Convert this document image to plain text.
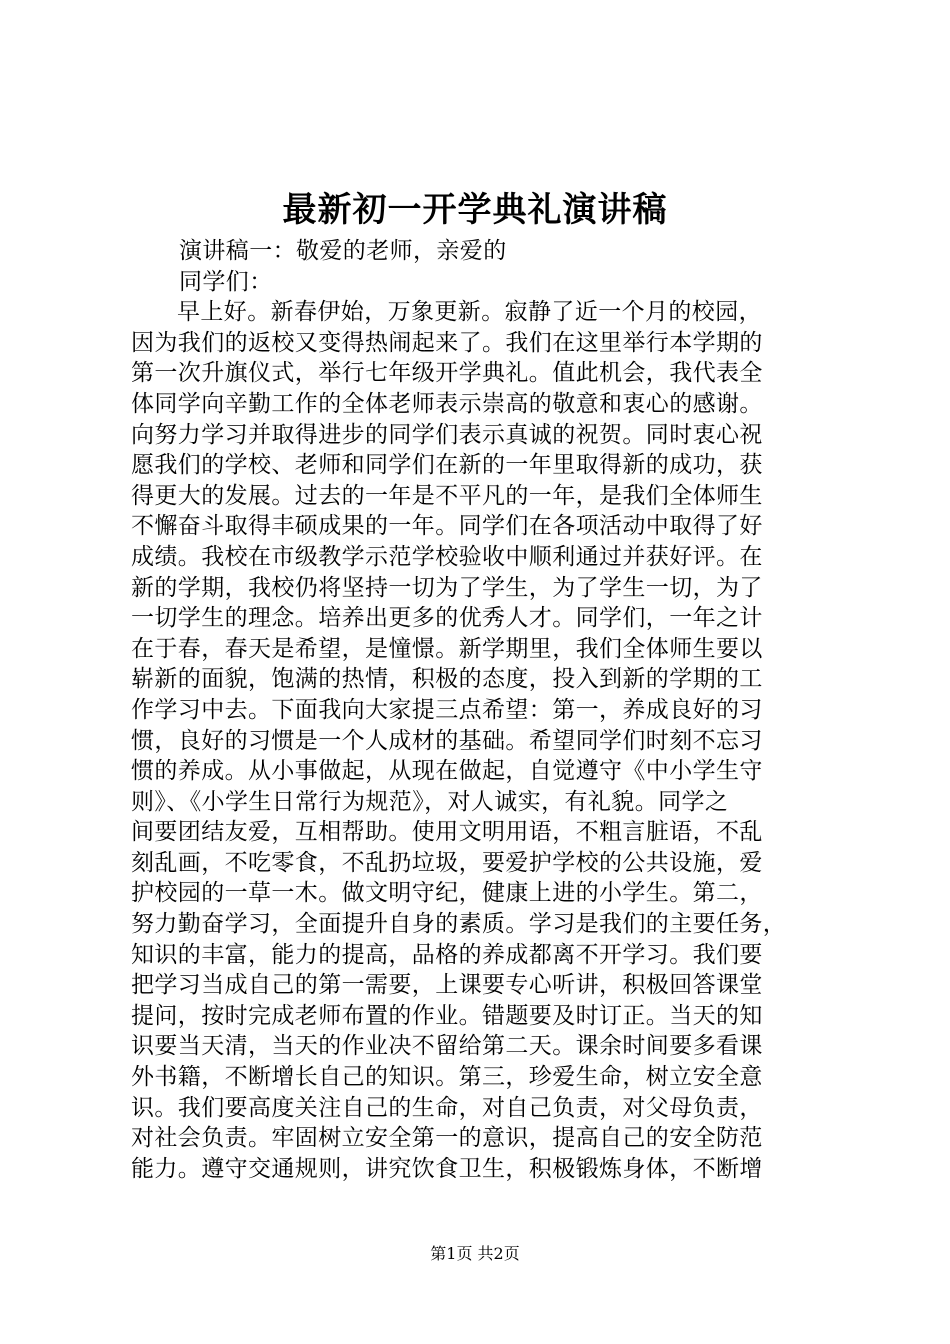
最新初一开学典礼演讲稿
演讲稿一：敬爱的老师，亲爱的
同学们：
早上好。新春伊始，万象更新。寂静了近一个月的校园，
因为我们的返校又变得热闹起来了。我们在这里举行本学期的
第一次升旗仪式，举行七年级开学典礼。值此机会，我代表全
体同学向辛勤工作的全体老师表示崇高的敬意和衷心的感谢。
向努力学习并取得进步的同学们表示真诚的祝贺。同时衷心祝
愿我们的学校、老师和同学们在新的一年里取得新的成功，获
得更大的发展。过去的一年是不平凡的一年，是我们全体师生
不懈奋斗取得丰硕成果的一年。同学们在各项活动中取得了好
成绩。我校在市级教学示范学校验收中顺利通过并获好评。在
新的学期，我校仍将坚持一切为了学生，为了学生一切，为了
一切学生的理念。培养出更多的优秀人才。同学们，一年之计
在于春，春天是希望，是憧憬。新学期里，我们全体师生要以
崭新的面貌，饱满的热情，积极的态度，投入到新的学期的工
作学习中去。下面我向大家提三点希望：第一，养成良好的习
惯，良好的习惯是一个人成材的基础。希望同学们时刻不忘习
惯的养成。从小事做起，从现在做起，自觉遵守《中小学生守
则》、《小学生日常行为规范》，对人诚实，有礼貌。同学之
间要团结友爱，互相帮助。使用文明用语，不粗言脏语，不乱
刻乱画，不吃零食，不乱扔垃圾，要爱护学校的公共设施，爱
护校园的一草一木。做文明守纪，健康上进的小学生。第二，
努力勤奋学习，全面提升自身的素质。学习是我们的主要任务，
知识的丰富，能力的提高，品格的养成都离不开学习。我们要
把学习当成自己的第一需要，上课要专心听讲，积极回答课堂
提问，按时完成老师布置的作业。错题要及时订正。当天的知
识要当天清，当天的作业决不留给第二天。课余时间要多看课
外书籍，不断增长自己的知识。第三，珍爱生命，树立安全意
识。我们要高度关注自己的生命，对自己负责，对父母负责，
对社会负责。牢固树立安全第一的意识，提高自己的安全防范
能力。遵守交通规则，讲究饮食卫生，积极锻炼身体，不断增
第1页 共2页
